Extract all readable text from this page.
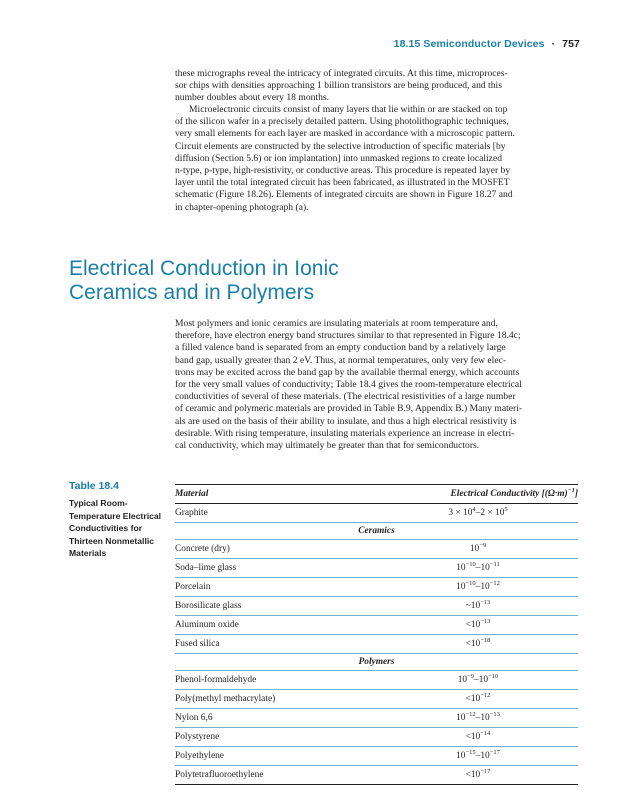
18.15 Semiconductor Devices · 757

these micrographs reveal the intricacy of integrated circuits. At this time, microproces-
sor chips with densities approaching 1 billion transistors are being produced, and this
number doubles about every 18 months.

Microelectronic circuits consist of many layers that lie within or are stacked on top
of the silicon wafer in a precisely detailed pattern. Using photolithographic techniques,
very small elements for each layer are masked in accordance with a microscopic pattern.
Circuit elements are constructed by the selective introduction of specific materials [by
diffusion (Section 5.6) or ion implantation] into unmasked regions to create localized
n-type, p-type, high-resistivity, or conductive areas. This procedure is repeated layer by
layer until the total integrated circuit has been fabricated, as illustrated in the MOSFET
schematic (Figure 18.26). Elements of integrated circuits are shown in Figure 18.27 and
in chapter-opening photograph (a).

Electrical Conduction in Ionic
Ceramics and in Polymers

Most polymers and ionic ceramics are insulating materials at room temperature and,
therefore, have electron energy band structures similar to that represented in Figure 18.4c;
a filled valence band is separated from an empty conduction band by a relatively large
band gap, usually greater than 2 eV. Thus, at normal temperatures, only very few elec-
trons may be excited across the band gap by the available thermal energy, which accounts
for the very small values of conductivity; Table 18.4 gives the room-temperature electrical
conductivities of several of these materials. (The electrical resistivities of a large number
of ceramic and polymeric materials are provided in Table B.9, Appendix B.) Many materi-
als are used on the basis of their ability to insulate, and thus a high electrical resistivity is
desirable. With rising temperature, insulating materials experience an increase in electri-
cal conductivity, which may ultimately be greater than that for semiconductors.

Table 18.4
Typical Room-
Temperature Electrical
Conductivities for
Thirteen Nonmetallic
Materials
Material	Electrical Conductivity $[(\Omega\cdot m)^{-1}]$
Graphite	$3 \times 10^4-2 \times 10^5$
Ceramics
Concrete (dry)	$10^{-9}$
Soda–lime glass	$10^{-10}-10^{-11}$
Porcelain	$10^{-10}-10^{-12}$
Borosilicate glass	$\sim 10^{-13}$
Aluminum oxide	$<10^{-13}$
Fused silica	$<10^{-18}$
Polymers
Phenol-formaldehyde	$10^{-9}-10^{-10}$
Poly(methyl methacrylate)	$<10^{-12}$
Nylon 6,6	$10^{-12}-10^{-13}$
Polystyrene	$<10^{-14}$
Polyethylene	$10^{-15}-10^{-17}$
Polytetrafluoroethylene	$<10^{-17}$
